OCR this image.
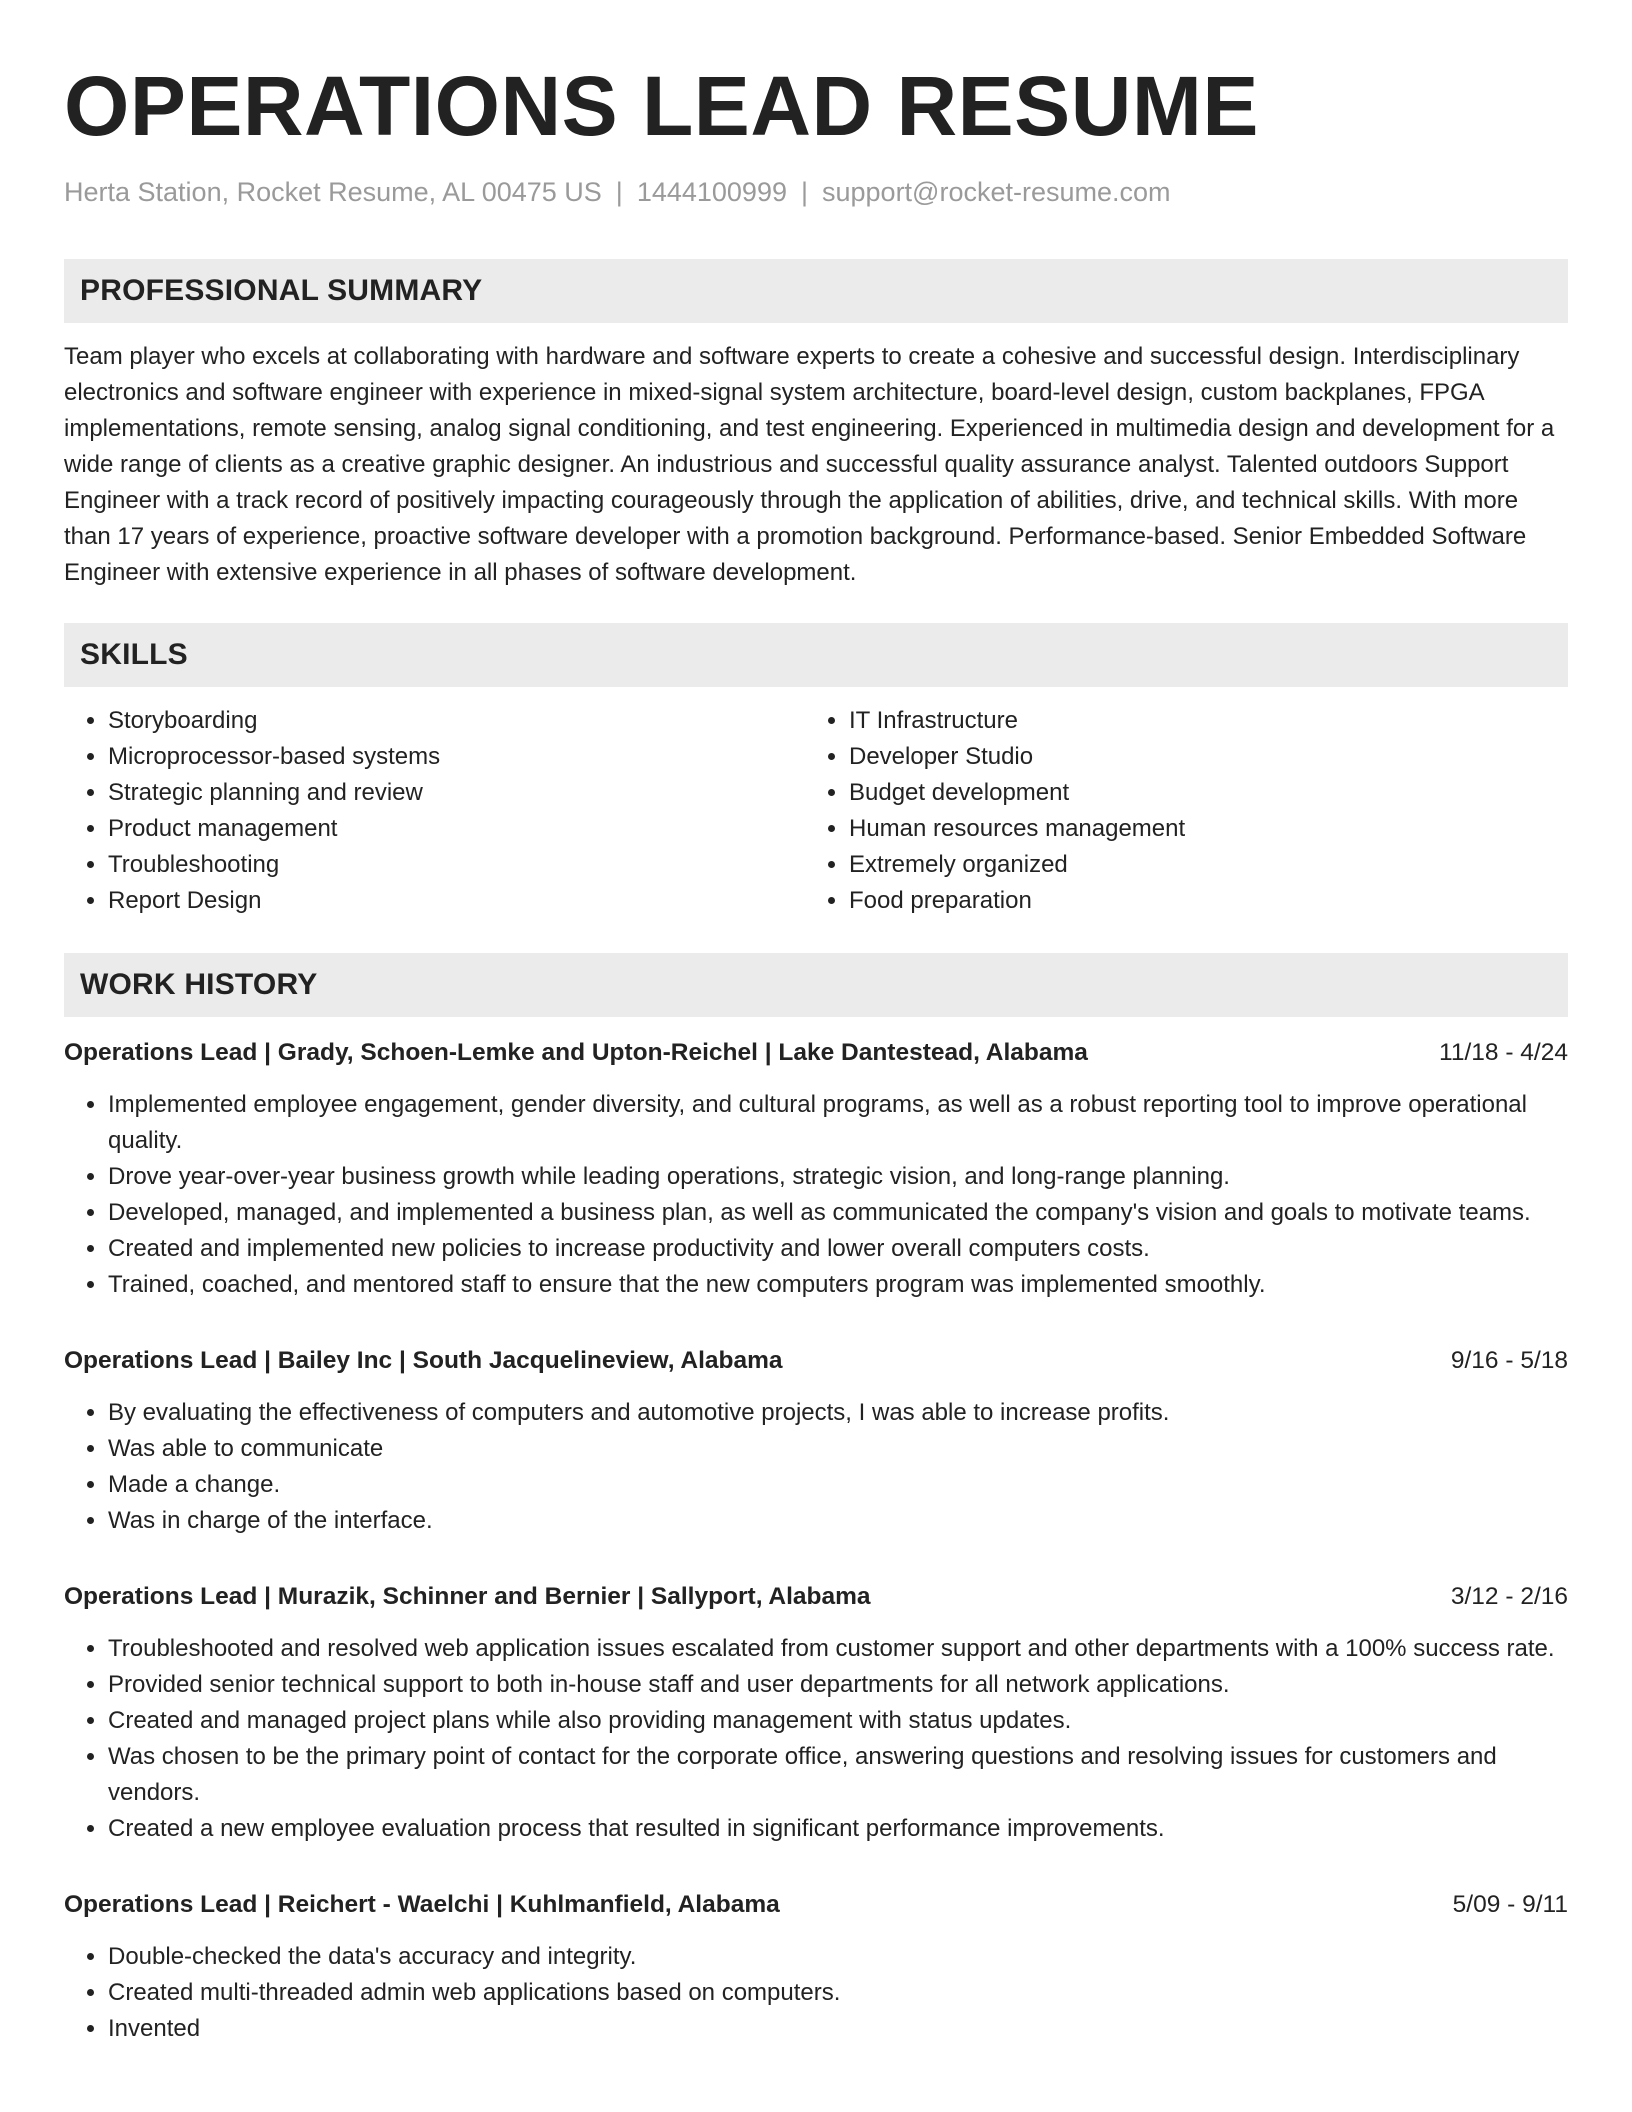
OPERATIONS LEAD RESUME
Herta Station, Rocket Resume, AL 00475 US | 1444100999 | support@rocket-resume.com
PROFESSIONAL SUMMARY
Team player who excels at collaborating with hardware and software experts to create a cohesive and successful design. Interdisciplinary electronics and software engineer with experience in mixed-signal system architecture, board-level design, custom backplanes, FPGA implementations, remote sensing, analog signal conditioning, and test engineering. Experienced in multimedia design and development for a wide range of clients as a creative graphic designer. An industrious and successful quality assurance analyst. Talented outdoors Support Engineer with a track record of positively impacting courageously through the application of abilities, drive, and technical skills. With more than 17 years of experience, proactive software developer with a promotion background. Performance-based. Senior Embedded Software Engineer with extensive experience in all phases of software development.
SKILLS
• Storyboarding
• Microprocessor-based systems
• Strategic planning and review
• Product management
• Troubleshooting
• Report Design
• IT Infrastructure
• Developer Studio
• Budget development
• Human resources management
• Extremely organized
• Food preparation
WORK HISTORY
Operations Lead | Grady, Schoen-Lemke and Upton-Reichel | Lake Dantestead, Alabama	11/18 - 4/24
• Implemented employee engagement, gender diversity, and cultural programs, as well as a robust reporting tool to improve operational quality.
• Drove year-over-year business growth while leading operations, strategic vision, and long-range planning.
• Developed, managed, and implemented a business plan, as well as communicated the company's vision and goals to motivate teams.
• Created and implemented new policies to increase productivity and lower overall computers costs.
• Trained, coached, and mentored staff to ensure that the new computers program was implemented smoothly.
Operations Lead | Bailey Inc | South Jacquelineview, Alabama	9/16 - 5/18
• By evaluating the effectiveness of computers and automotive projects, I was able to increase profits.
• Was able to communicate
• Made a change.
• Was in charge of the interface.
Operations Lead | Murazik, Schinner and Bernier | Sallyport, Alabama	3/12 - 2/16
• Troubleshooted and resolved web application issues escalated from customer support and other departments with a 100% success rate.
• Provided senior technical support to both in-house staff and user departments for all network applications.
• Created and managed project plans while also providing management with status updates.
• Was chosen to be the primary point of contact for the corporate office, answering questions and resolving issues for customers and vendors.
• Created a new employee evaluation process that resulted in significant performance improvements.
Operations Lead | Reichert - Waelchi | Kuhlmanfield, Alabama	5/09 - 9/11
• Double-checked the data's accuracy and integrity.
• Created multi-threaded admin web applications based on computers.
• Invented
